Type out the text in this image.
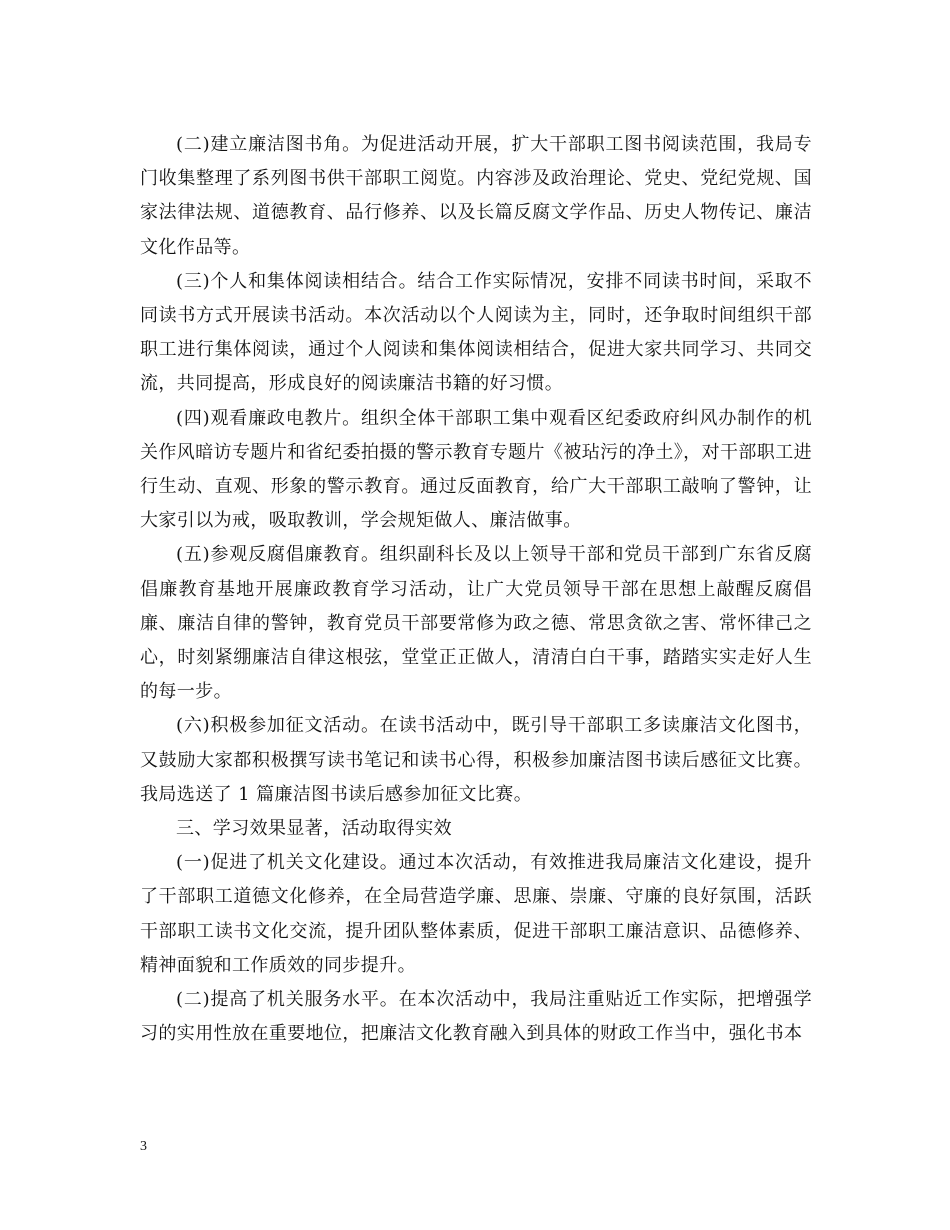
(二)建立廉洁图书角。为促进活动开展，扩大干部职工图书阅读范围，我局专门收集整理了系列图书供干部职工阅览。内容涉及政治理论、党史、党纪党规、国家法律法规、道德教育、品行修养、以及长篇反腐文学作品、历史人物传记、廉洁文化作品等。

(三)个人和集体阅读相结合。结合工作实际情况，安排不同读书时间，采取不同读书方式开展读书活动。本次活动以个人阅读为主，同时，还争取时间组织干部职工进行集体阅读，通过个人阅读和集体阅读相结合，促进大家共同学习、共同交流，共同提高，形成良好的阅读廉洁书籍的好习惯。

(四)观看廉政电教片。组织全体干部职工集中观看区纪委政府纠风办制作的机关作风暗访专题片和省纪委拍摄的警示教育专题片《被玷污的净土》，对干部职工进行生动、直观、形象的警示教育。通过反面教育，给广大干部职工敲响了警钟，让大家引以为戒，吸取教训，学会规矩做人、廉洁做事。

(五)参观反腐倡廉教育。组织副科长及以上领导干部和党员干部到广东省反腐倡廉教育基地开展廉政教育学习活动，让广大党员领导干部在思想上敲醒反腐倡廉、廉洁自律的警钟，教育党员干部要常修为政之德、常思贪欲之害、常怀律己之心，时刻紧绷廉洁自律这根弦，堂堂正正做人，清清白白干事，踏踏实实走好人生的每一步。

(六)积极参加征文活动。在读书活动中，既引导干部职工多读廉洁文化图书，又鼓励大家都积极撰写读书笔记和读书心得，积极参加廉洁图书读后感征文比赛。我局选送了 1 篇廉洁图书读后感参加征文比赛。

三、学习效果显著，活动取得实效

(一)促进了机关文化建设。通过本次活动，有效推进我局廉洁文化建设，提升了干部职工道德文化修养，在全局营造学廉、思廉、崇廉、守廉的良好氛围，活跃干部职工读书文化交流，提升团队整体素质，促进干部职工廉洁意识、品德修养、精神面貌和工作质效的同步提升。

(二)提高了机关服务水平。在本次活动中，我局注重贴近工作实际，把增强学习的实用性放在重要地位，把廉洁文化教育融入到具体的财政工作当中，强化书本

3
